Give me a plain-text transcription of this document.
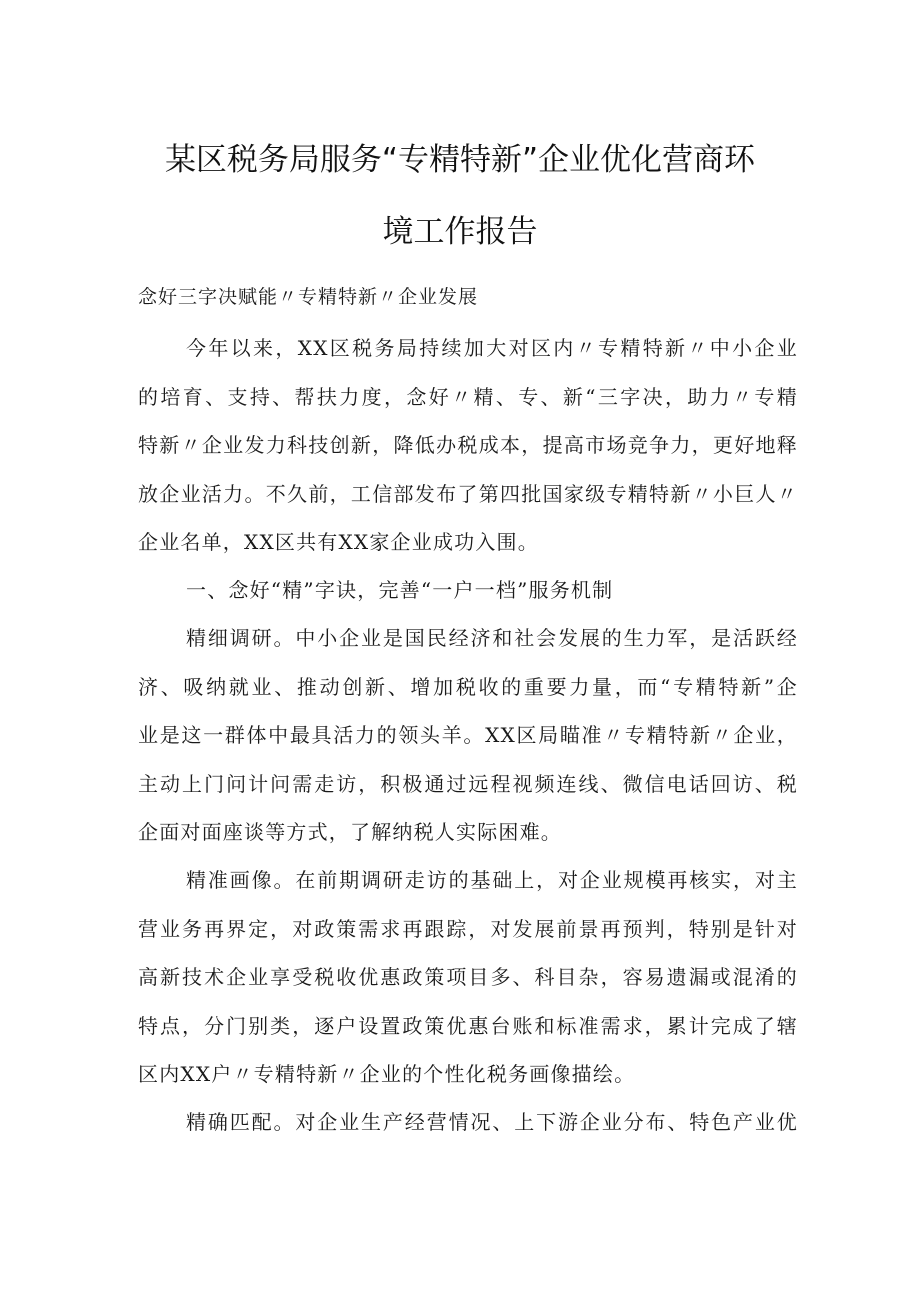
某区税务局服务“专精特新”企业优化营商环
境工作报告
念好三字决赋能〃专精特新〃企业发展
今年以来，XX区税务局持续加大对区内〃专精特新〃中小企业
的培育、支持、帮扶力度，念好〃精、专、新“三字决，助力〃专精
特新〃企业发力科技创新，降低办税成本，提高市场竞争力，更好地释
放企业活力。不久前，工信部发布了第四批国家级专精特新〃小巨人〃
企业名单，XX区共有XX家企业成功入围。
一、念好“精”字诀，完善“一户一档”服务机制
精细调研。中小企业是国民经济和社会发展的生力军，是活跃经
济、吸纳就业、推动创新、增加税收的重要力量，而“专精特新”企
业是这一群体中最具活力的领头羊。XX区局瞄准〃专精特新〃企业，
主动上门问计问需走访，积极通过远程视频连线、微信电话回访、税
企面对面座谈等方式，了解纳税人实际困难。
精准画像。在前期调研走访的基础上，对企业规模再核实，对主
营业务再界定，对政策需求再跟踪，对发展前景再预判，特别是针对
高新技术企业享受税收优惠政策项目多、科目杂，容易遗漏或混淆的
特点，分门别类，逐户设置政策优惠台账和标准需求，累计完成了辖
区内XX户〃专精特新〃企业的个性化税务画像描绘。
精确匹配。对企业生产经营情况、上下游企业分布、特色产业优
